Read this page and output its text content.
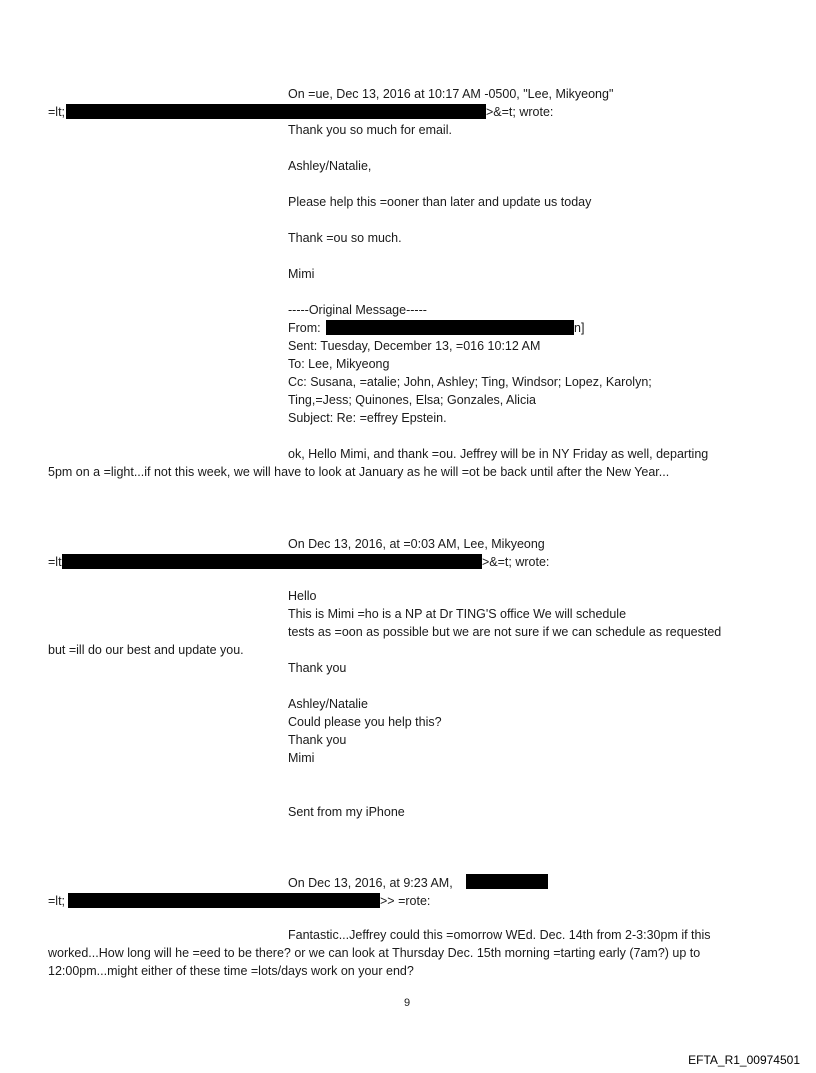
On =ue, Dec 13, 2016 at 10:17 AM -0500, "Lee, Mikyeong"
=lt;	>&=t; wrote:
Thank you so much for email.
Ashley/Natalie,
Please help this =ooner than later and update us today
Thank =ou so much.
Mimi
-----Original Message-----
From:	n]
Sent: Tuesday, December 13, =016 10:12 AM
To: Lee, Mikyeong
Cc: Susana, =atalie; John, Ashley; Ting, Windsor; Lopez, Karolyn;
Ting,=Jess; Quinones, Elsa; Gonzales, Alicia
Subject: Re: =effrey Epstein.
ok, Hello Mimi, and thank =ou. Jeffrey will be in NY Friday as well, departing
5pm on a =light...if not this week, we will have to look at January as he will =ot be back until after the New Year...
On Dec 13, 2016, at =0:03 AM, Lee, Mikyeong
=lt	>&=t; wrote:
Hello
This is Mimi =ho is a NP at Dr TING'S office We will schedule
tests as =oon as possible but we are not sure if we can schedule as requested
but =ill do our best and update you.
Thank you
Ashley/Natalie
Could please you help this?
Thank you
Mimi
Sent from my iPhone
On Dec 13, 2016, at 9:23 AM,
=lt;	>> =rote:
Fantastic...Jeffrey could this =omorrow WEd. Dec. 14th from 2-3:30pm if this
worked...How long will he =eed to be there? or we can look at Thursday Dec. 15th morning =tarting early (7am?) up to
12:00pm...might either of these time =lots/days work on your end?
9
EFTA_R1_00974501
